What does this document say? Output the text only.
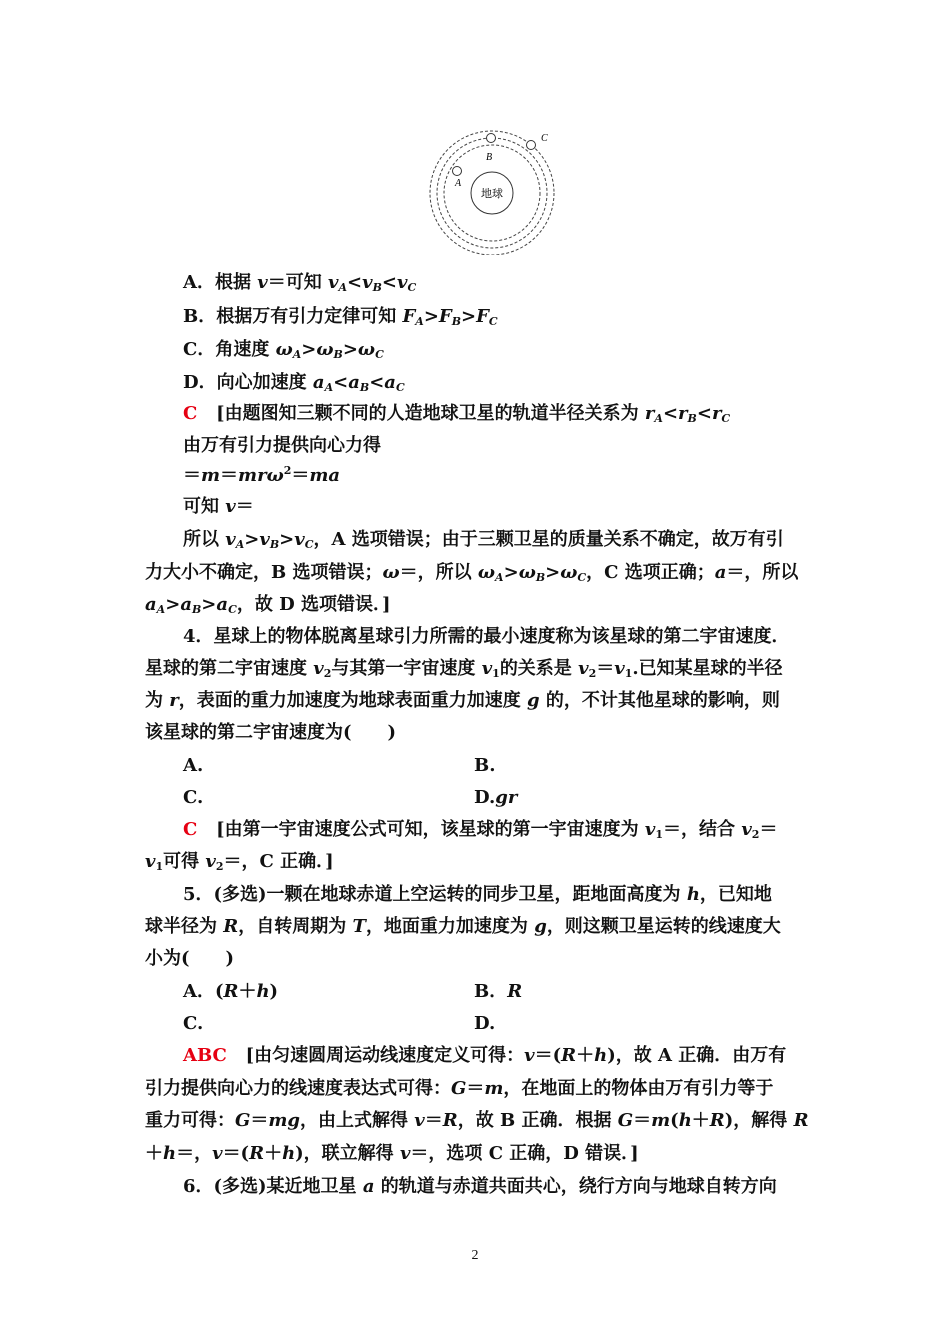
地球
A
B
C
A．根据 v＝可知 $v_A<v_B<v_C$
B．根据万有引力定律可知 $F_A>F_B>F_C$
C．角速度 $\omega_A>\omega_B>\omega_C$
D．向心加速度 $a_A<a_B<a_C$
C [由题图知三颗不同的人造地球卫星的轨道半径关系为 $r_A<r_B<r_C$
由万有引力提供向心力得
＝m＝mrω$^2$＝ma
可知 v＝
所以 $v_A>v_B>v_C$，A 选项错误；由于三颗卫星的质量关系不确定，故万有引
力大小不确定，B 选项错误；ω＝，所以 $\omega_A>\omega_B>\omega_C$，C 选项正确；a＝，所以
$a_A>a_B>a_C$，故 D 选项错误．]
4．星球上的物体脱离星球引力所需的最小速度称为该星球的第二宇宙速度．
星球的第二宇宙速度 $v_2$与其第一宇宙速度 $v_1$的关系是 $v_2=v_1$.已知某星球的半径
为 r，表面的重力加速度为地球表面重力加速度 g 的，不计其他星球的影响，则
该星球的第二宇宙速度为(　　)
A.	B.
C.	D.gr
C [由第一宇宙速度公式可知，该星球的第一宇宙速度为 $v_1=$，结合 $v_2=$
$v_1$可得 $v_2=$，C 正确．]
5．(多选)一颗在地球赤道上空运转的同步卫星，距地面高度为 h，已知地
球半径为 R，自转周期为 T，地面重力加速度为 g，则这颗卫星运转的线速度大
小为(　　)
A．(R＋h)	B．R
C.	D.
ABC [由匀速圆周运动线速度定义可得：v＝(R＋h)，故 A 正确．由万有
引力提供向心力的线速度表达式可得：G＝m，在地面上的物体由万有引力等于
重力可得：G＝mg，由上式解得 v＝R，故 B 正确．根据 G＝m(h＋R)，解得 R
＋h＝，v＝(R＋h)，联立解得 v＝，选项 C 正确，D 错误．]
6．(多选)某近地卫星 a 的轨道与赤道共面共心，绕行方向与地球自转方向
2
